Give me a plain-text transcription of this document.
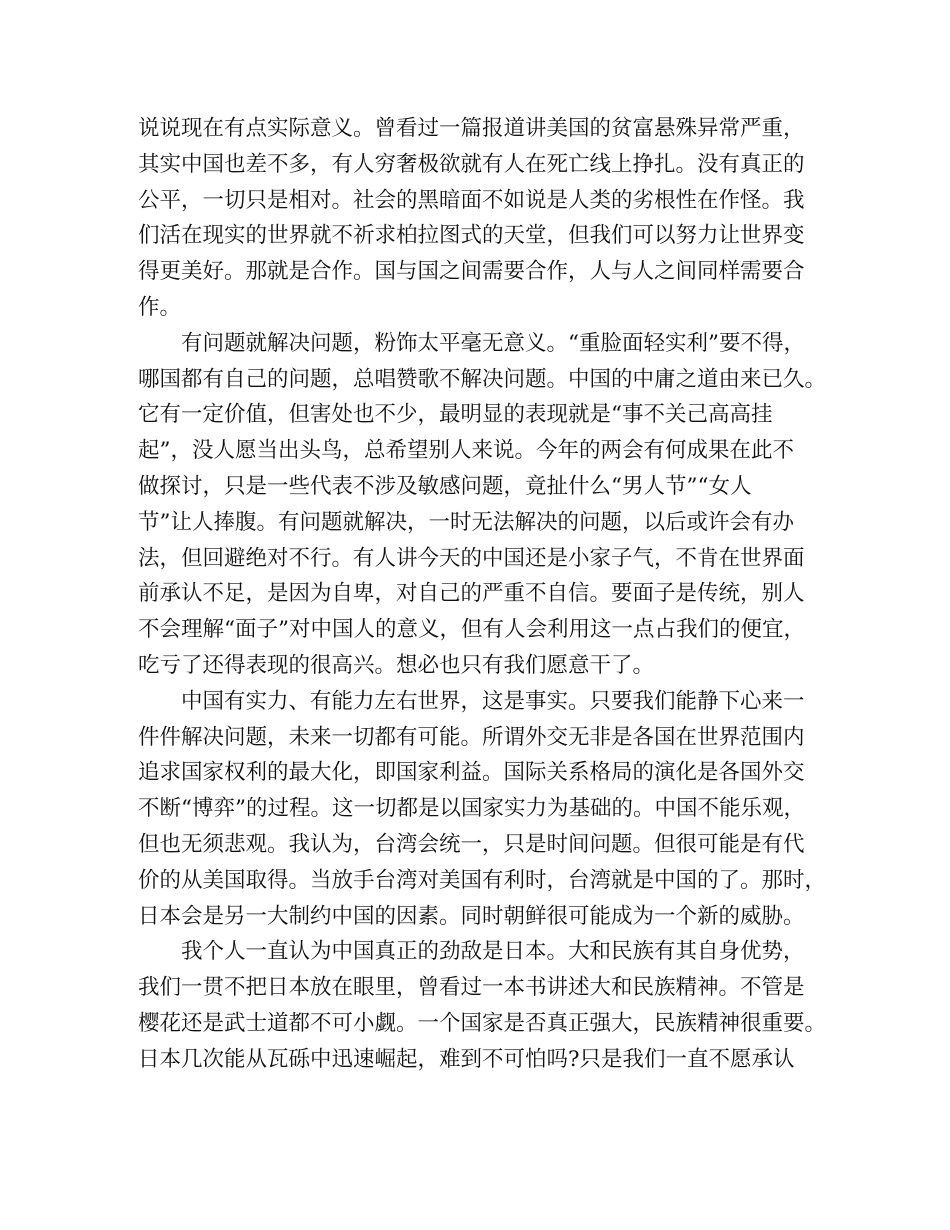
说说现在有点实际意义。曾看过一篇报道讲美国的贫富悬殊异常严重，
其实中国也差不多，有人穷奢极欲就有人在死亡线上挣扎。没有真正的
公平，一切只是相对。社会的黑暗面不如说是人类的劣根性在作怪。我
们活在现实的世界就不祈求柏拉图式的天堂，但我们可以努力让世界变
得更美好。那就是合作。国与国之间需要合作，人与人之间同样需要合
作。
有问题就解决问题，粉饰太平毫无意义。“重脸面轻实利”要不得，
哪国都有自己的问题，总唱赞歌不解决问题。中国的中庸之道由来已久。
它有一定价值，但害处也不少，最明显的表现就是“事不关己高高挂
起”，没人愿当出头鸟，总希望别人来说。今年的两会有何成果在此不
做探讨，只是一些代表不涉及敏感问题，竟扯什么“男人节”“女人
节”让人捧腹。有问题就解决，一时无法解决的问题，以后或许会有办
法，但回避绝对不行。有人讲今天的中国还是小家子气，不肯在世界面
前承认不足，是因为自卑，对自己的严重不自信。要面子是传统，别人
不会理解“面子”对中国人的意义，但有人会利用这一点占我们的便宜，
吃亏了还得表现的很高兴。想必也只有我们愿意干了。
中国有实力、有能力左右世界，这是事实。只要我们能静下心来一
件件解决问题，未来一切都有可能。所谓外交无非是各国在世界范围内
追求国家权利的最大化，即国家利益。国际关系格局的演化是各国外交
不断“博弈”的过程。这一切都是以国家实力为基础的。中国不能乐观，
但也无须悲观。我认为，台湾会统一，只是时间问题。但很可能是有代
价的从美国取得。当放手台湾对美国有利时，台湾就是中国的了。那时，
日本会是另一大制约中国的因素。同时朝鲜很可能成为一个新的威胁。
我个人一直认为中国真正的劲敌是日本。大和民族有其自身优势，
我们一贯不把日本放在眼里，曾看过一本书讲述大和民族精神。不管是
樱花还是武士道都不可小觑。一个国家是否真正强大，民族精神很重要。
日本几次能从瓦砾中迅速崛起，难到不可怕吗?只是我们一直不愿承认
